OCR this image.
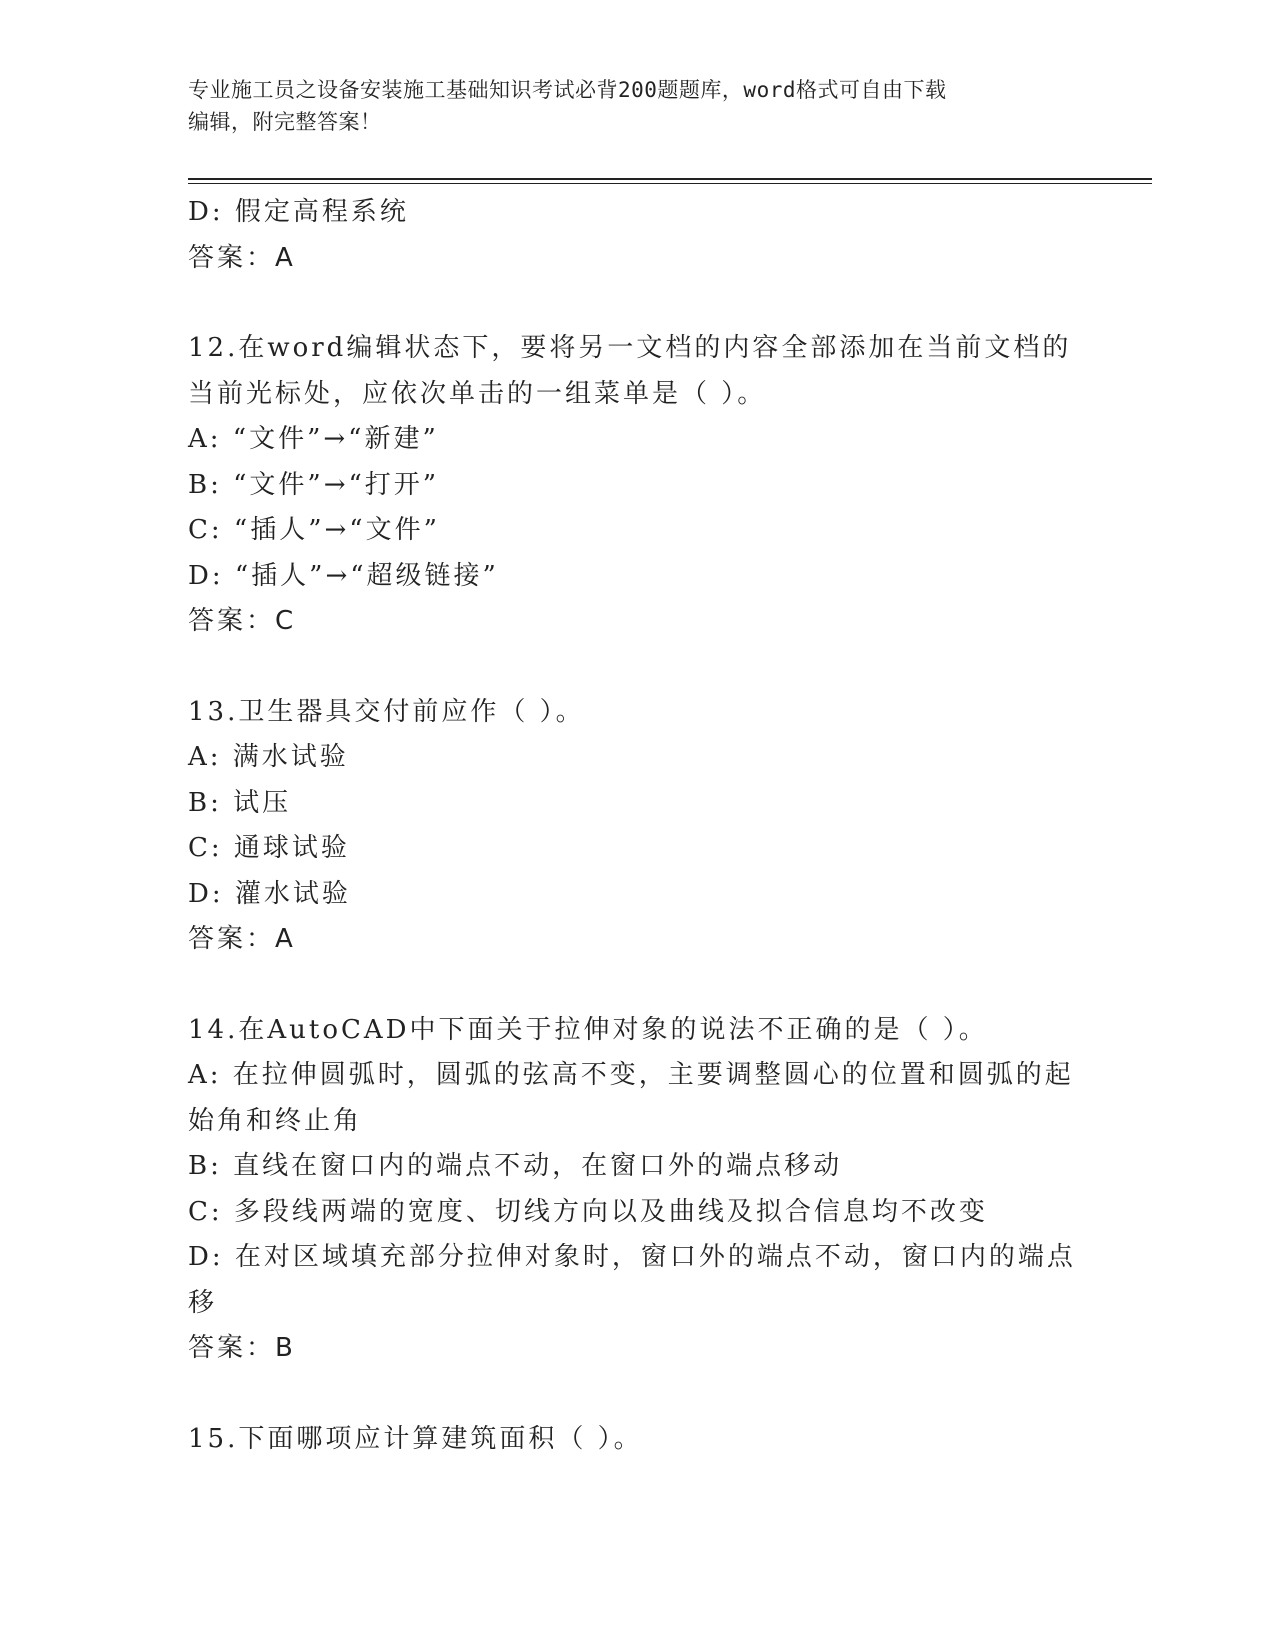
专业施工员之设备安装施工基础知识考试必背200题题库，word格式可自由下载
编辑，附完整答案！
D: 假定高程系统
答案：A
12.在word编辑状态下，要将另一文档的内容全部添加在当前文档的
当前光标处，应依次单击的一组菜单是（ ）。
A: “文件”→“新建”
B: “文件”→“打开”
C: “插人”→“文件”
D: “插人”→“超级链接”
答案：C
13.卫生器具交付前应作（ ）。
A: 满水试验
B: 试压
C: 通球试验
D: 灌水试验
答案：A
14.在AutoCAD中下面关于拉伸对象的说法不正确的是（ ）。
A: 在拉伸圆弧时，圆弧的弦高不变，主要调整圆心的位置和圆弧的起
始角和终止角
B: 直线在窗口内的端点不动，在窗口外的端点移动
C: 多段线两端的宽度、切线方向以及曲线及拟合信息均不改变
D: 在对区域填充部分拉伸对象时，窗口外的端点不动，窗口内的端点
移
答案：B
15.下面哪项应计算建筑面积（ ）。
